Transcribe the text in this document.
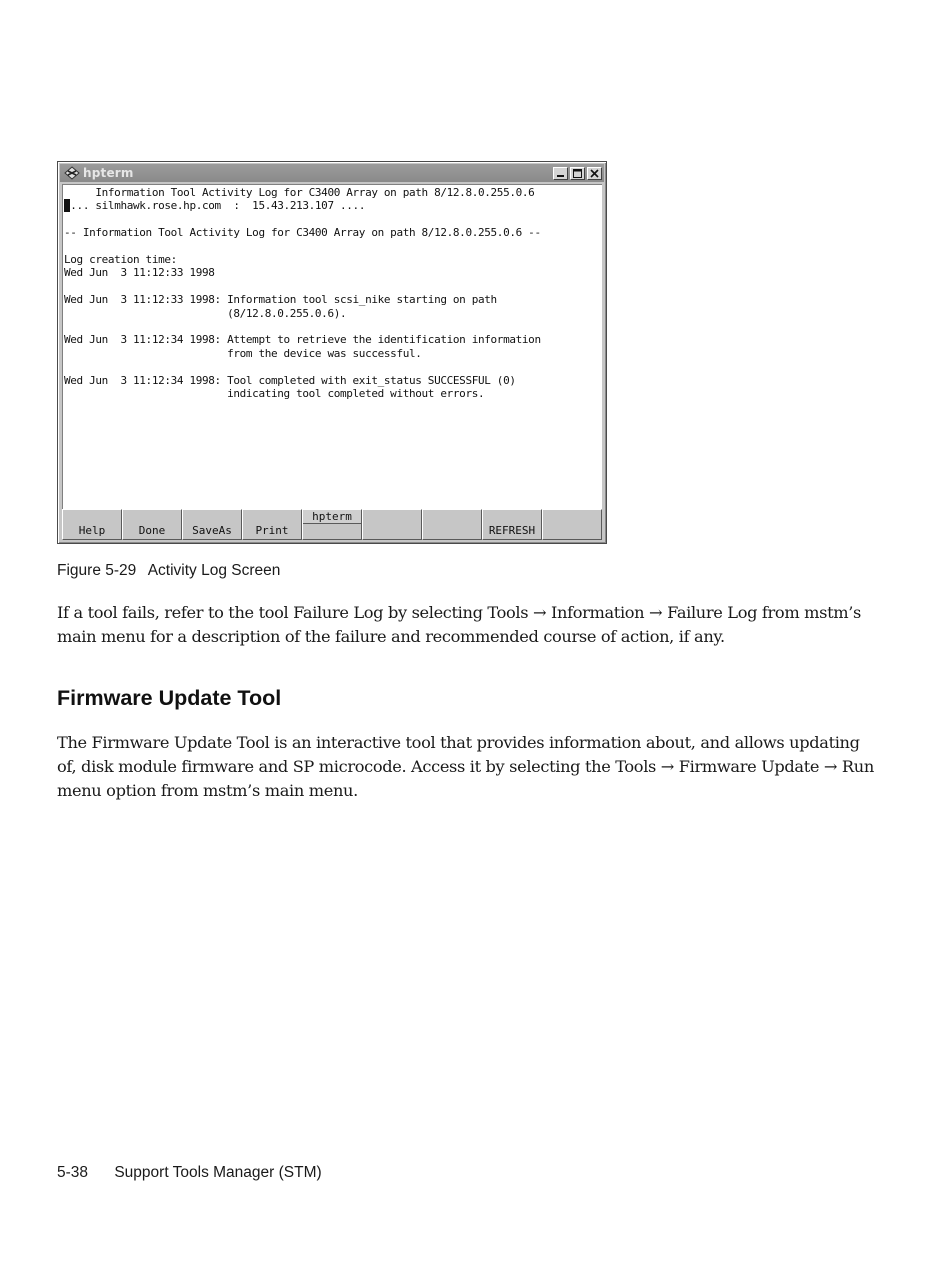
hpterm
Information Tool Activity Log for C3400 Array on path 8/12.8.0.255.0.6
... silmhawk.rose.hp.com  :  15.43.213.107 ....

-- Information Tool Activity Log for C3400 Array on path 8/12.8.0.255.0.6 --

Log creation time:
Wed Jun  3 11:12:33 1998

Wed Jun  3 11:12:33 1998: Information tool scsi_nike starting on path
(8/12.8.0.255.0.6).

Wed Jun  3 11:12:34 1998: Attempt to retrieve the identification information
from the device was successful.

Wed Jun  3 11:12:34 1998: Tool completed with exit_status SUCCESSFUL (0)
indicating tool completed without errors.
Help	Done	SaveAs	Print
hpterm
REFRESH
Figure 5-29 Activity Log Screen
If a tool fails, refer to the tool Failure Log by selecting Tools → Information → Failure Log from mstm’s main menu for a description of the failure and recommended course of action, if any.
Firmware Update Tool
The Firmware Update Tool is an interactive tool that provides information about, and allows updating of, disk module firmware and SP microcode. Access it by selecting the Tools → Firmware Update → Run menu option from mstm’s main menu.
5-38 Support Tools Manager (STM)
